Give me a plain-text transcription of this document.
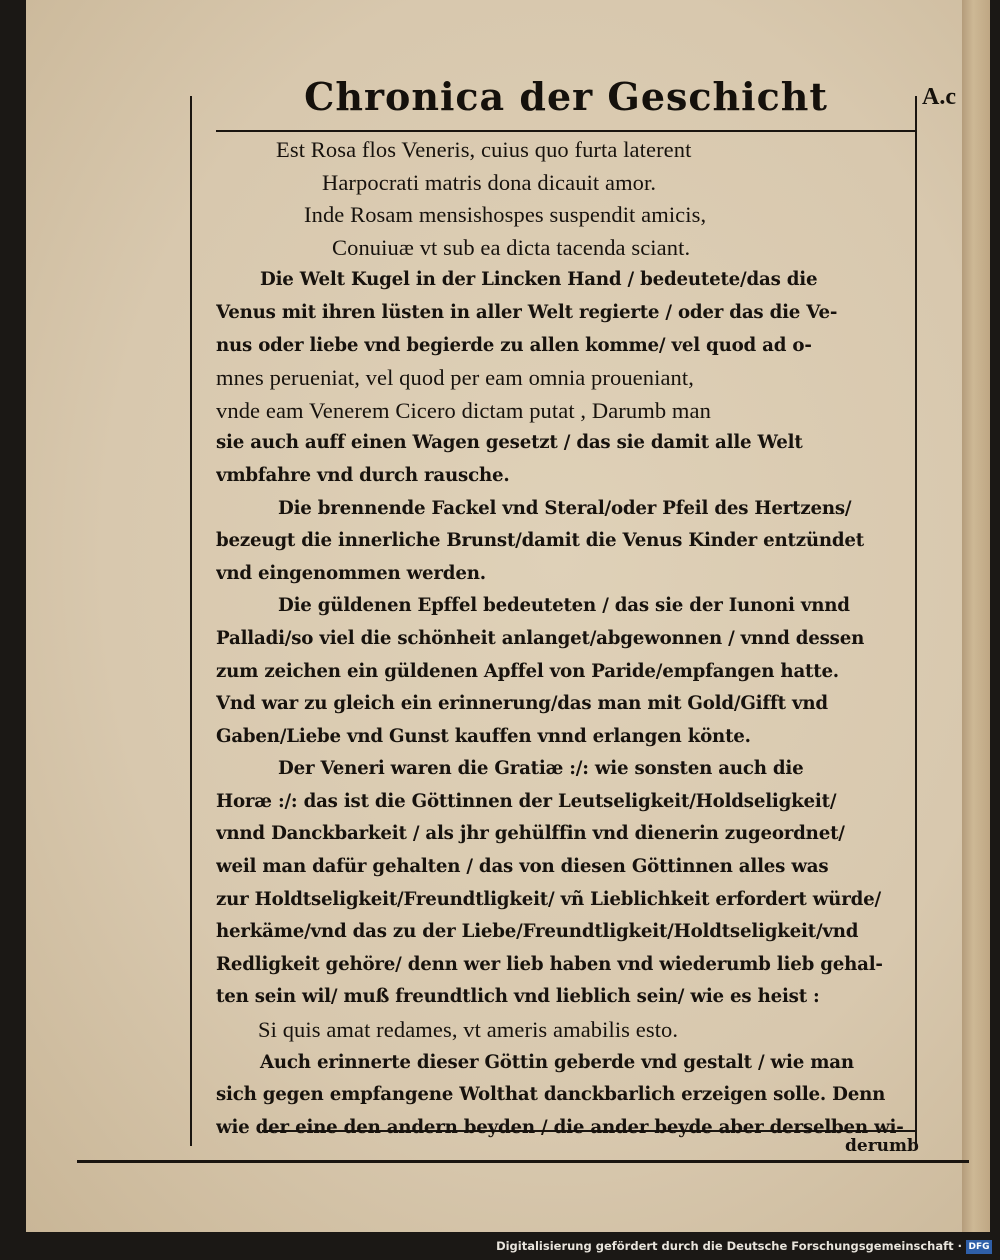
Chronica der Geschicht	A.c
Est Rosa flos Veneris, cuius quo furta laterent
Harpocrati matris dona dicauit amor.
Inde Rosam mensishospes suspendit amicis,
Conuiuæ vt sub ea dicta tacenda sciant.
Die Welt Kugel in der Lincken Hand / bedeutete/das die
Venus mit ihren lüsten in aller Welt regierte / oder das die Ve-
nus oder liebe vnd begierde zu allen komme/ vel quod ad o-
mnes perueniat, vel quod per eam omnia proueniant,
vnde eam Venerem Cicero dictam putat , Darumb man
sie auch auff einen Wagen gesetzt / das sie damit alle Welt
vmbfahre vnd durch rausche.
Die brennende Fackel vnd Steral/oder Pfeil des Hertzens/
bezeugt die innerliche Brunst/damit die Venus Kinder entzündet
vnd eingenommen werden.
Die güldenen Epffel bedeuteten / das sie der Iunoni vnnd
Palladi/so viel die schönheit anlanget/abgewonnen / vnnd dessen
zum zeichen ein güldenen Apffel von Paride/empfangen hatte.
Vnd war zu gleich ein erinnerung/das man mit Gold/Gifft vnd
Gaben/Liebe vnd Gunst kauffen vnnd erlangen könte.
Der Veneri waren die Gratiæ :/: wie sonsten auch die
Horæ :/: das ist die Göttinnen der Leutseligkeit/Holdseligkeit/
vnnd Danckbarkeit / als jhr gehülffin vnd dienerin zugeordnet/
weil man dafür gehalten / das von diesen Göttinnen alles was
zur Holdtseligkeit/Freundtligkeit/ vñ Lieblichkeit erfordert würde/
herkäme/vnd das zu der Liebe/Freundtligkeit/Holdtseligkeit/vnd
Redligkeit gehöre/ denn wer lieb haben vnd wiederumb lieb gehal-
ten sein wil/ muß freundtlich vnd lieblich sein/ wie es heist :
Si quis amat redames, vt ameris amabilis esto.
Auch erinnerte dieser Göttin geberde vnd gestalt / wie man
sich gegen empfangene Wolthat danckbarlich erzeigen solle. Denn
wie der eine den andern beyden / die ander beyde aber derselben wi-
derumb
Digitalisierung gefördert durch die Deutsche Forschungsgemeinschaft · DFG
